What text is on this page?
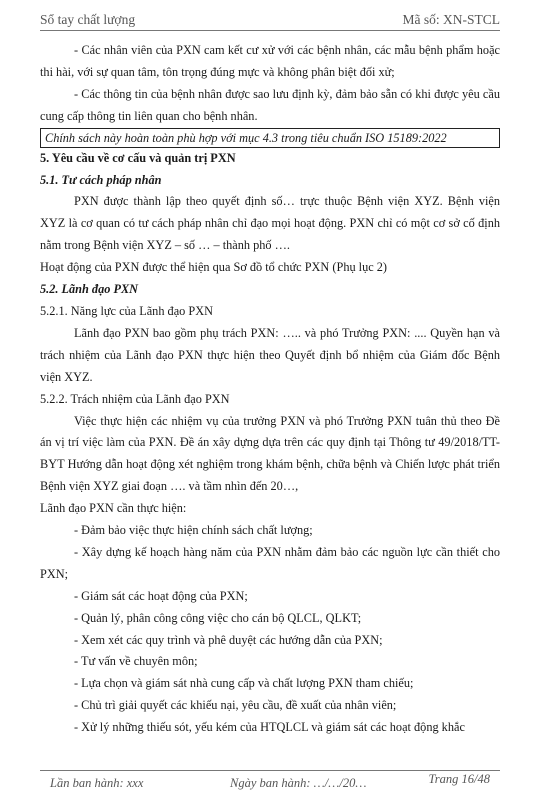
Sổ tay chất lượng	Mã số: XN-STCL

- Các nhân viên của PXN cam kết cư xử với các bệnh nhân, các mẫu bệnh phẩm hoặc thi hài, với sự quan tâm, tôn trọng đúng mực và không phân biệt đối xử;

- Các thông tin của bệnh nhân được sao lưu định kỳ, đảm bảo sẵn có khi được yêu cầu cung cấp thông tin liên quan cho bệnh nhân.

Chính sách này hoàn toàn phù hợp với mục 4.3 trong tiêu chuẩn ISO 15189:2022

5. Yêu cầu về cơ cấu và quản trị PXN

5.1. Tư cách pháp nhân

PXN được thành lập theo quyết định số… trực thuộc Bệnh viện XYZ. Bệnh viện XYZ là cơ quan có tư cách pháp nhân chỉ đạo mọi hoạt động. PXN chỉ có một cơ sở cố định nằm trong Bệnh viện XYZ – số … – thành phố ….

Hoạt động của PXN được thể hiện qua Sơ đồ tổ chức PXN (Phụ lục 2)

5.2. Lãnh đạo PXN

5.2.1. Năng lực của Lãnh đạo PXN

Lãnh đạo PXN bao gồm phụ trách PXN: ….. và phó Trưởng PXN: .... Quyền hạn và trách nhiệm của Lãnh đạo PXN thực hiện theo Quyết định bổ nhiệm của Giám đốc Bệnh viện XYZ.

5.2.2. Trách nhiệm của Lãnh đạo PXN

Việc thực hiện các nhiệm vụ của trưởng PXN và phó Trưởng PXN tuân thủ theo Đề án vị trí việc làm của PXN. Đề án xây dựng dựa trên các quy định tại Thông tư 49/2018/TT-BYT Hướng dẫn hoạt động xét nghiệm trong khám bệnh, chữa bệnh và Chiến lược phát triển Bệnh viện XYZ giai đoạn …. và tầm nhìn đến 20…,

Lãnh đạo PXN cần thực hiện:

- Đảm bảo việc thực hiện chính sách chất lượng;

- Xây dựng kế hoạch hàng năm của PXN nhằm đảm bảo các nguồn lực cần thiết cho PXN;

- Giám sát các hoạt động của PXN;

- Quản lý, phân công công việc cho cán bộ QLCL, QLKT;

- Xem xét các quy trình và phê duyệt các hướng dẫn của PXN;

- Tư vấn về chuyên môn;

- Lựa chọn và giám sát nhà cung cấp và chất lượng PXN tham chiếu;

- Chủ trì giải quyết các khiếu nại, yêu cầu, đề xuất của nhân viên;

- Xử lý những thiếu sót, yếu kém của HTQLCL và giám sát các hoạt động khắc

Lần ban hành: xxx	Ngày ban hành: …/…/20…	Trang 16/48
